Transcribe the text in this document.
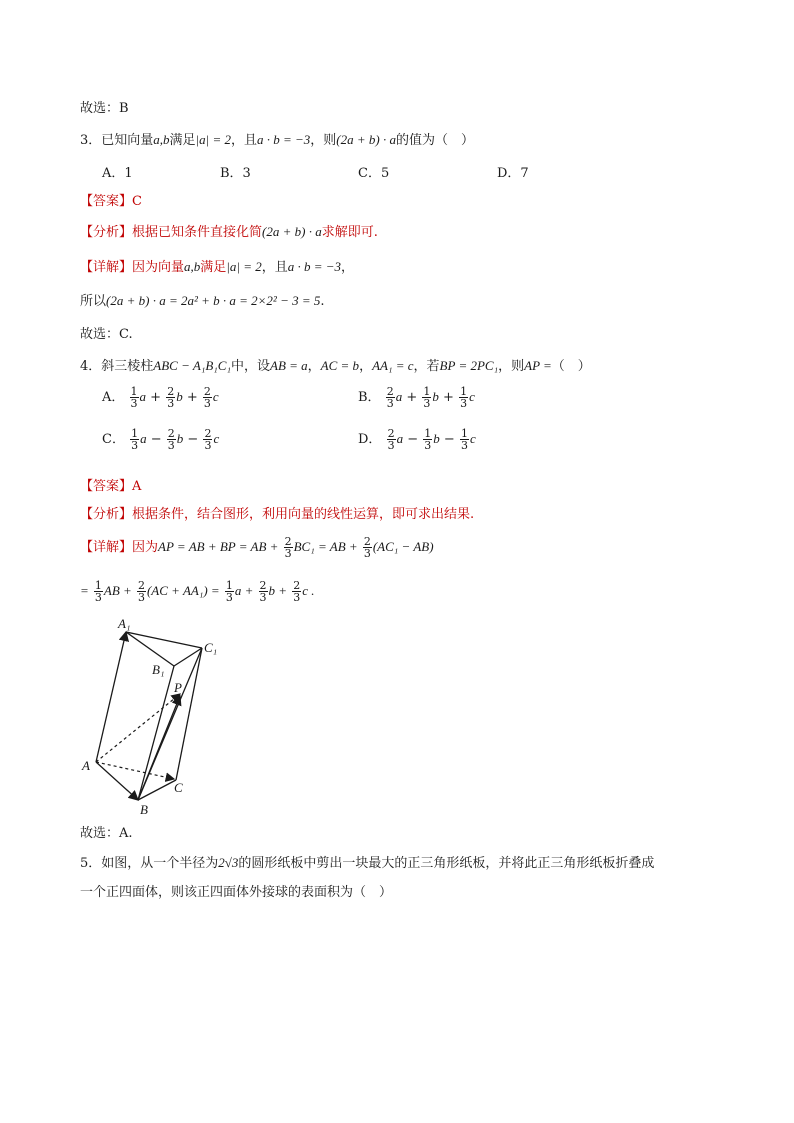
故选：B
3．已知向量a,b满足|a| = 2，且a · b = −3，则(2a + b) · a的值为（　）
A．1	B．3	C．5	D．7
【答案】C
【分析】根据已知条件直接化简(2a + b) · a求解即可.
【详解】因为向量a,b满足|a| = 2，且a · b = −3，
所以(2a + b) · a = 2a² + b · a = 2×2² − 3 = 5.
故选：C.
4．斜三棱柱ABC − A₁B₁C₁中，设AB = a，AC = b，AA₁ = c，若BP = 2PC₁，则AP =（　）
A． $\frac{1}{3}$ $a + \frac{2}{3}$ $b + \frac{2}{3}$ c	B． $\frac{2}{3}$ $a + \frac{1}{3}$ $b + \frac{1}{3}$ c
C． $\frac{1}{3}$ $a - \frac{2}{3}$ $b - \frac{2}{3}$ c	D． $\frac{2}{3}$ $a - \frac{1}{3}$ $b - \frac{1}{3}$ c
【答案】A
【分析】根据条件，结合图形，利用向量的线性运算，即可求出结果.
【详解】因为AP = AB + BP = AB + $\frac{2}{3} BC_1$ = AB + $\frac{2}{3} (AC_1 - AB)$
= $\frac{1}{3}$ AB + $\frac{2}{3} (AC + AA_1) = \frac{1}{3}$ $a + \frac{2}{3}$ $b + \frac{2}{3}$ c .
A₁
C₁
B₁
P
A
C
B
故选：A.
5．如图，从一个半径为2√3的圆形纸板中剪出一块最大的正三角形纸板，并将此正三角形纸板折叠成
一个正四面体，则该正四面体外接球的表面积为（　）
